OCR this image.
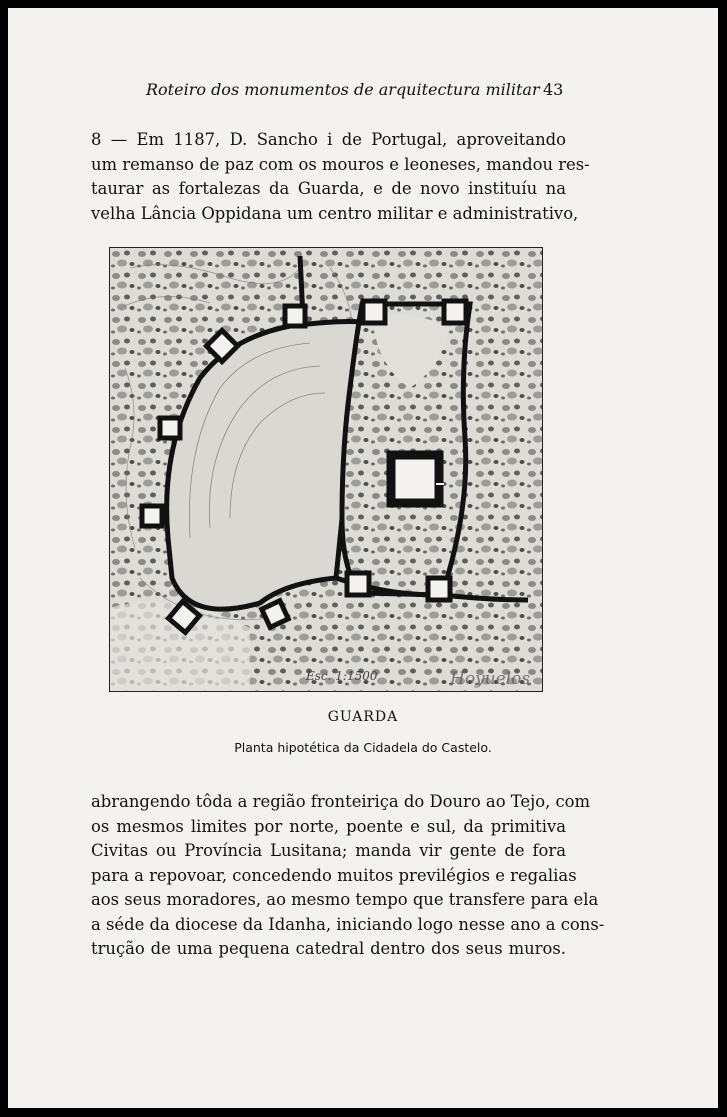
Roteiro dos monumentos de arquitectura militar 43
8 — Em 1187, D. Sancho i de Portugal, aproveitando
um remanso de paz com os mouros e leoneses, mandou res-
taurar as fortalezas da Guarda, e de novo instituíu na
velha Lância Oppidana um centro militar e administrativo,
Esc. 1:1500	Hoyuelos
GUARDA
Planta hipotética da Cidadela do Castelo.
abrangendo tôda a região fronteiriça do Douro ao Tejo, com
os mesmos limites por norte, poente e sul, da primitiva
Civitas ou Província Lusitana; manda vir gente de fora
para a repovoar, concedendo muitos previlégios e regalias
aos seus moradores, ao mesmo tempo que transfere para ela
a séde da diocese da Idanha, iniciando logo nesse ano a cons-
trução de uma pequena catedral dentro dos seus muros.
